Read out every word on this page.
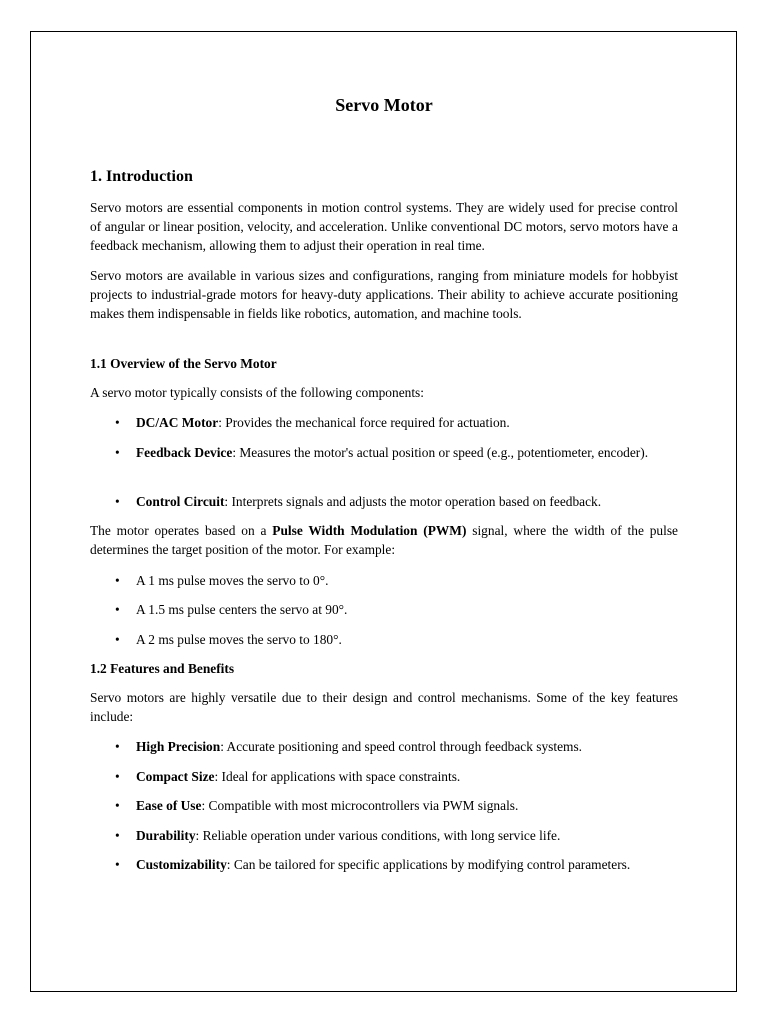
Servo Motor
1. Introduction

Servo motors are essential components in motion control systems. They are widely used for precise control of angular or linear position, velocity, and acceleration. Unlike conventional DC motors, servo motors have a feedback mechanism, allowing them to adjust their operation in real time.

Servo motors are available in various sizes and configurations, ranging from miniature models for hobbyist projects to industrial-grade motors for heavy-duty applications. Their ability to achieve accurate positioning makes them indispensable in fields like robotics, automation, and machine tools.

1.1 Overview of the Servo Motor

A servo motor typically consists of the following components:

•	DC/AC Motor: Provides the mechanical force required for actuation.

•	Feedback Device: Measures the motor's actual position or speed (e.g., potentiometer, encoder).

•	Control Circuit: Interprets signals and adjusts the motor operation based on feedback.

The motor operates based on a Pulse Width Modulation (PWM) signal, where the width of the pulse determines the target position of the motor. For example:

•	A 1 ms pulse moves the servo to 0°.

•	A 1.5 ms pulse centers the servo at 90°.

•	A 2 ms pulse moves the servo to 180°.

1.2 Features and Benefits

Servo motors are highly versatile due to their design and control mechanisms. Some of the key features include:

•	High Precision: Accurate positioning and speed control through feedback systems.

•	Compact Size: Ideal for applications with space constraints.

•	Ease of Use: Compatible with most microcontrollers via PWM signals.

•	Durability: Reliable operation under various conditions, with long service life.

•	Customizability: Can be tailored for specific applications by modifying control parameters.
